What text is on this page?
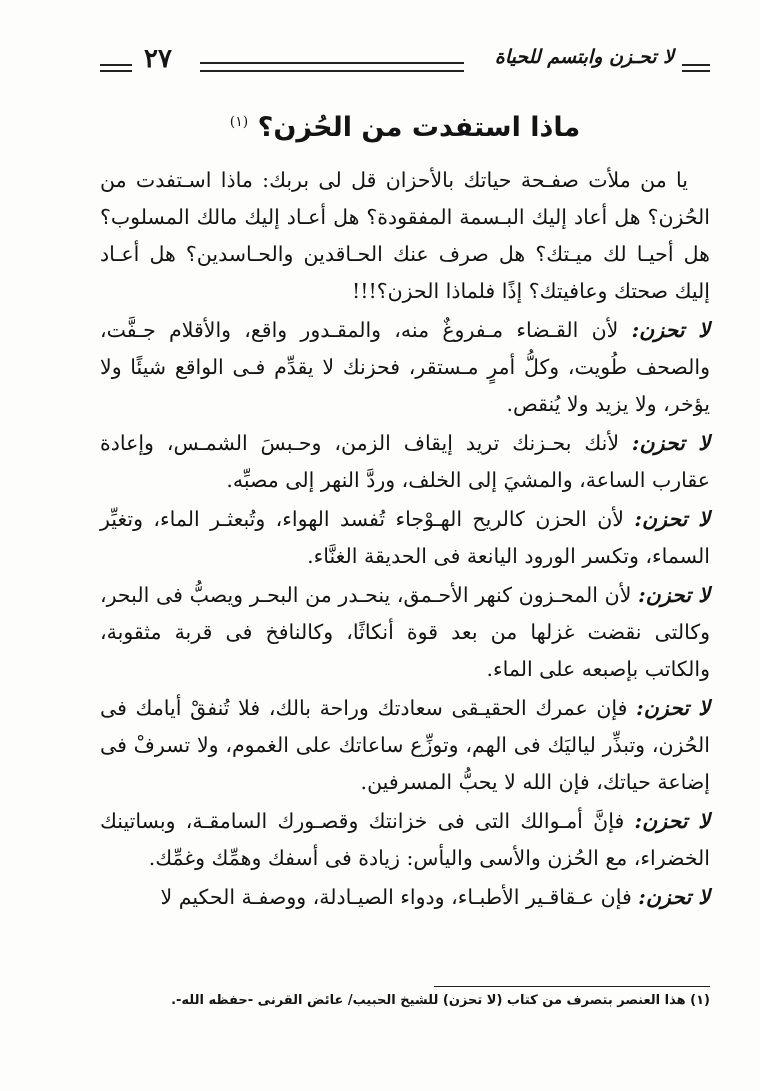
٢٧	لا تحـزن وابتسم للحياة
ماذا استفدت من الحُزن؟ $^{(١)}$

يا من ملأت صفـحة حياتك بالأحزان قل لى بربك: ماذا اسـتفدت من الحُزن؟ هل أعاد إليك البـسمة المفقودة؟ هل أعـاد إليك مالك المسلوب؟ هل أحيـا لك ميـتك؟ هل صرف عنك الحـاقدين والحـاسدين؟ هل أعـاد إليك صحتك وعافيتك؟ إذًا فلماذا الحزن؟!!!

لا تحزن: لأن القـضاء مـفروغٌ منه، والمقـدور واقع، والأقلام جـفَّت، والصحف طُويت، وكلُّ أمرٍ مـستقر، فحزنك لا يقدِّم فـى الواقع شيئًا ولا يؤخر، ولا يزيد ولا يُنقص.

لا تحزن: لأنك بحـزنك تريد إيقاف الزمن، وحـبسَ الشمـس، وإعادة عقارب الساعة، والمشيَ إلى الخلف، وردَّ النهر إلى مصبِّه.

لا تحزن: لأن الحزن كالريح الهـوْجاء تُفسد الهواء، وتُبعثـر الماء، وتغيِّر السماء، وتكسر الورود اليانعة فى الحديقة الغنَّاء.

لا تحزن: لأن المحـزون كنهر الأحـمق، ينحـدر من البحـر ويصبُّ فى البحر، وكالتى نقضت غزلها من بعد قوة أنكاثًا، وكالنافخ فى قربة مثقوبة، والكاتب بإصبعه على الماء.

لا تحزن: فإن عمرك الحقيـقى سعادتك وراحة بالك، فلا تُنفقْ أيامك فى الحُزن، وتبذِّر لياليَك فى الهم، وتوزِّع ساعاتك على الغموم، ولا تسرفْ فى إضاعة حياتك، فإن الله لا يحبُّ المسرفين.

لا تحزن: فإنَّ أمـوالك التى فى خزانتك وقصـورك السامقـة، وبساتينك الخضراء، مع الحُزن والأسى واليأس: زيادة فى أسفك وهمِّك وغمِّك.

لا تحزن: فإن عـقاقـير الأطبـاء، ودواء الصيـادلة، ووصفـة الحكيم لا

(١) هذا العنصر بتصرف من كتاب (لا تحزن) للشيخ الحبيب/ عائض القرنى -حفظه الله-.
